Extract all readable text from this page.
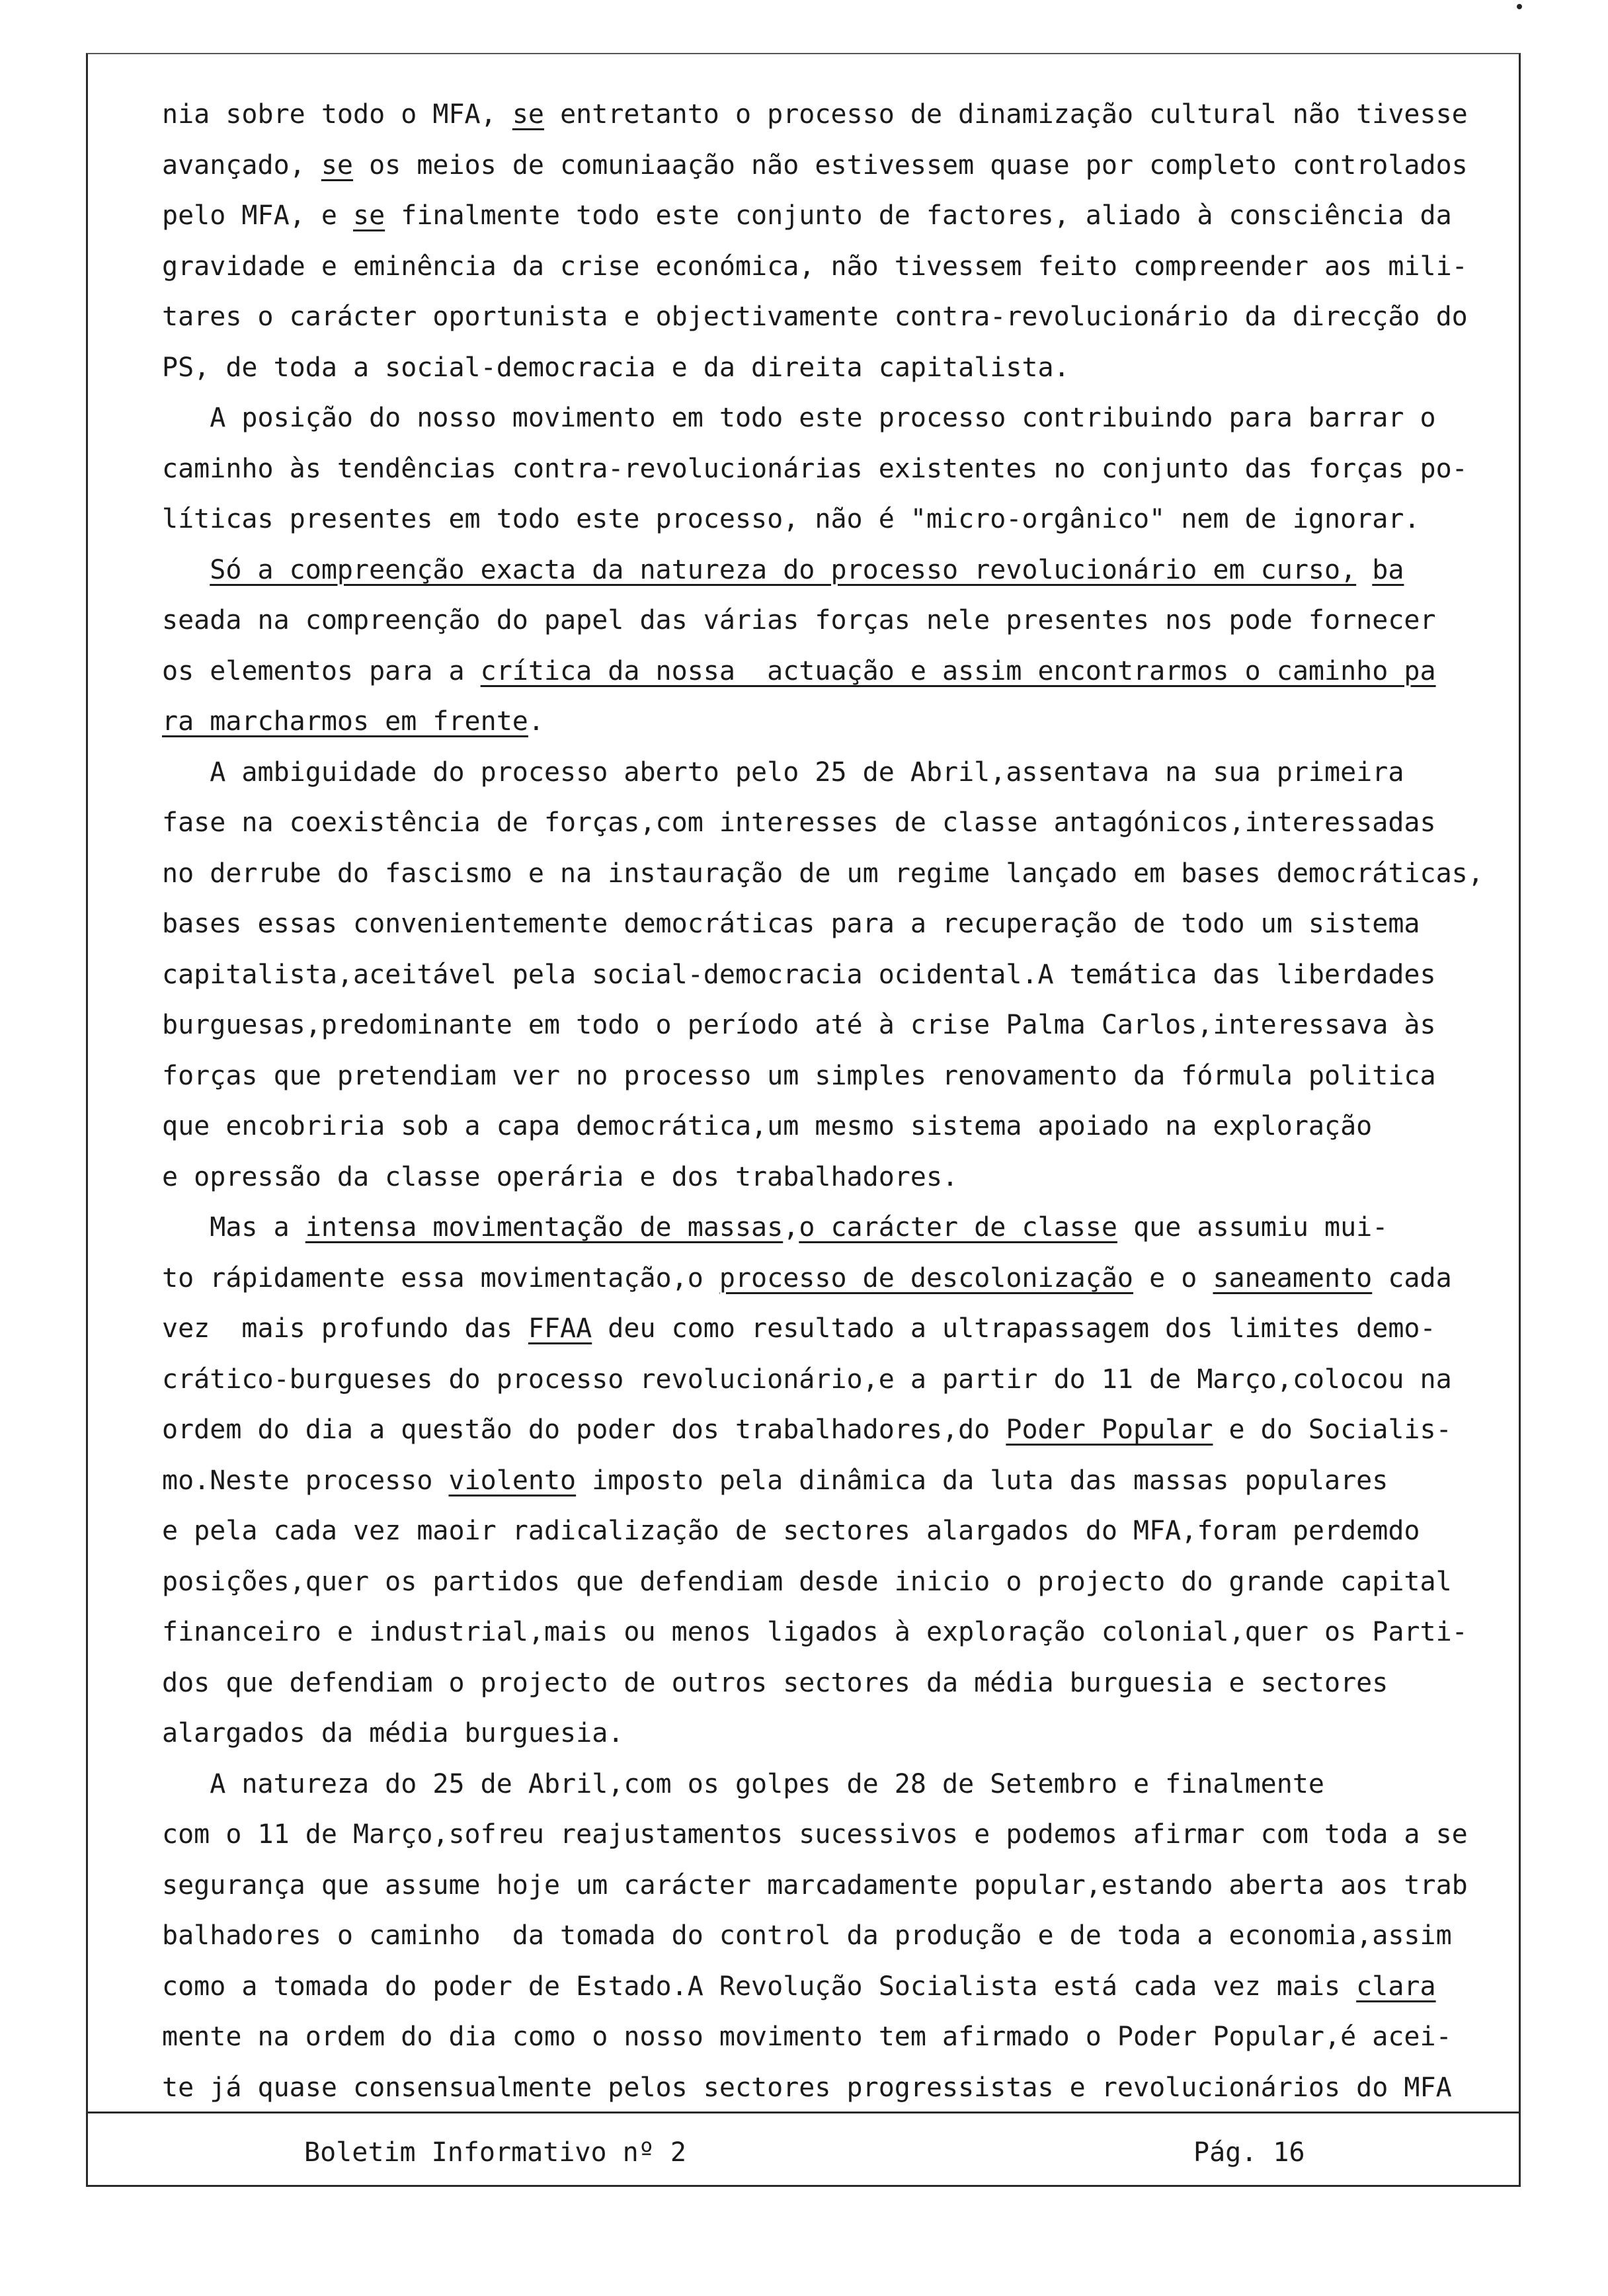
nia sobre todo o MFA, se entretanto o processo de dinamização cultural não tivesse
avançado, se os meios de comuniaação não estivessem quase por completo controlados
pelo MFA, e se finalmente todo este conjunto de factores, aliado à consciência da
gravidade e eminência da crise económica, não tivessem feito compreender aos mili-
tares o carácter oportunista e objectivamente contra-revolucionário da direcção do
PS, de toda a social-democracia e da direita capitalista.
A posição do nosso movimento em todo este processo contribuindo para barrar o
caminho às tendências contra-revolucionárias existentes no conjunto das forças po-
líticas presentes em todo este processo, não é "micro-orgânico" nem de ignorar.
Só a compreenção exacta da natureza do processo revolucionário em curso, ba
seada na compreenção do papel das várias forças nele presentes nos pode fornecer
os elementos para a crítica da nossa  actuação e assim encontrarmos o caminho pa
ra marcharmos em frente.
A ambiguidade do processo aberto pelo 25 de Abril,assentava na sua primeira
fase na coexistência de forças,com interesses de classe antagónicos,interessadas
no derrube do fascismo e na instauração de um regime lançado em bases democráticas,
bases essas convenientemente democráticas para a recuperação de todo um sistema
capitalista,aceitável pela social-democracia ocidental.A temática das liberdades
burguesas,predominante em todo o período até à crise Palma Carlos,interessava às
forças que pretendiam ver no processo um simples renovamento da fórmula politica
que encobriria sob a capa democrática,um mesmo sistema apoiado na exploração
e opressão da classe operária e dos trabalhadores.
Mas a intensa movimentação de massas,o carácter de classe que assumiu mui-
to rápidamente essa movimentação,o processo de descolonização e o saneamento cada
vez  mais profundo das FFAA deu como resultado a ultrapassagem dos limites demo-
crático-burgueses do processo revolucionário,e a partir do 11 de Março,colocou na
ordem do dia a questão do poder dos trabalhadores,do Poder Popular e do Socialis-
mo.Neste processo violento imposto pela dinâmica da luta das massas populares
e pela cada vez maoir radicalização de sectores alargados do MFA,foram perdemdo
posições,quer os partidos que defendiam desde inicio o projecto do grande capital
financeiro e industrial,mais ou menos ligados à exploração colonial,quer os Parti-
dos que defendiam o projecto de outros sectores da média burguesia e sectores
alargados da média burguesia.
A natureza do 25 de Abril,com os golpes de 28 de Setembro e finalmente
com o 11 de Março,sofreu reajustamentos sucessivos e podemos afirmar com toda a se
segurança que assume hoje um carácter marcadamente popular,estando aberta aos trab
balhadores o caminho  da tomada do control da produção e de toda a economia,assim
como a tomada do poder de Estado.A Revolução Socialista está cada vez mais clara
mente na ordem do dia como o nosso movimento tem afirmado o Poder Popular,é acei-
te já quase consensualmente pelos sectores progressistas e revolucionários do MFA
Boletim Informativo nº 2	Pág. 16
